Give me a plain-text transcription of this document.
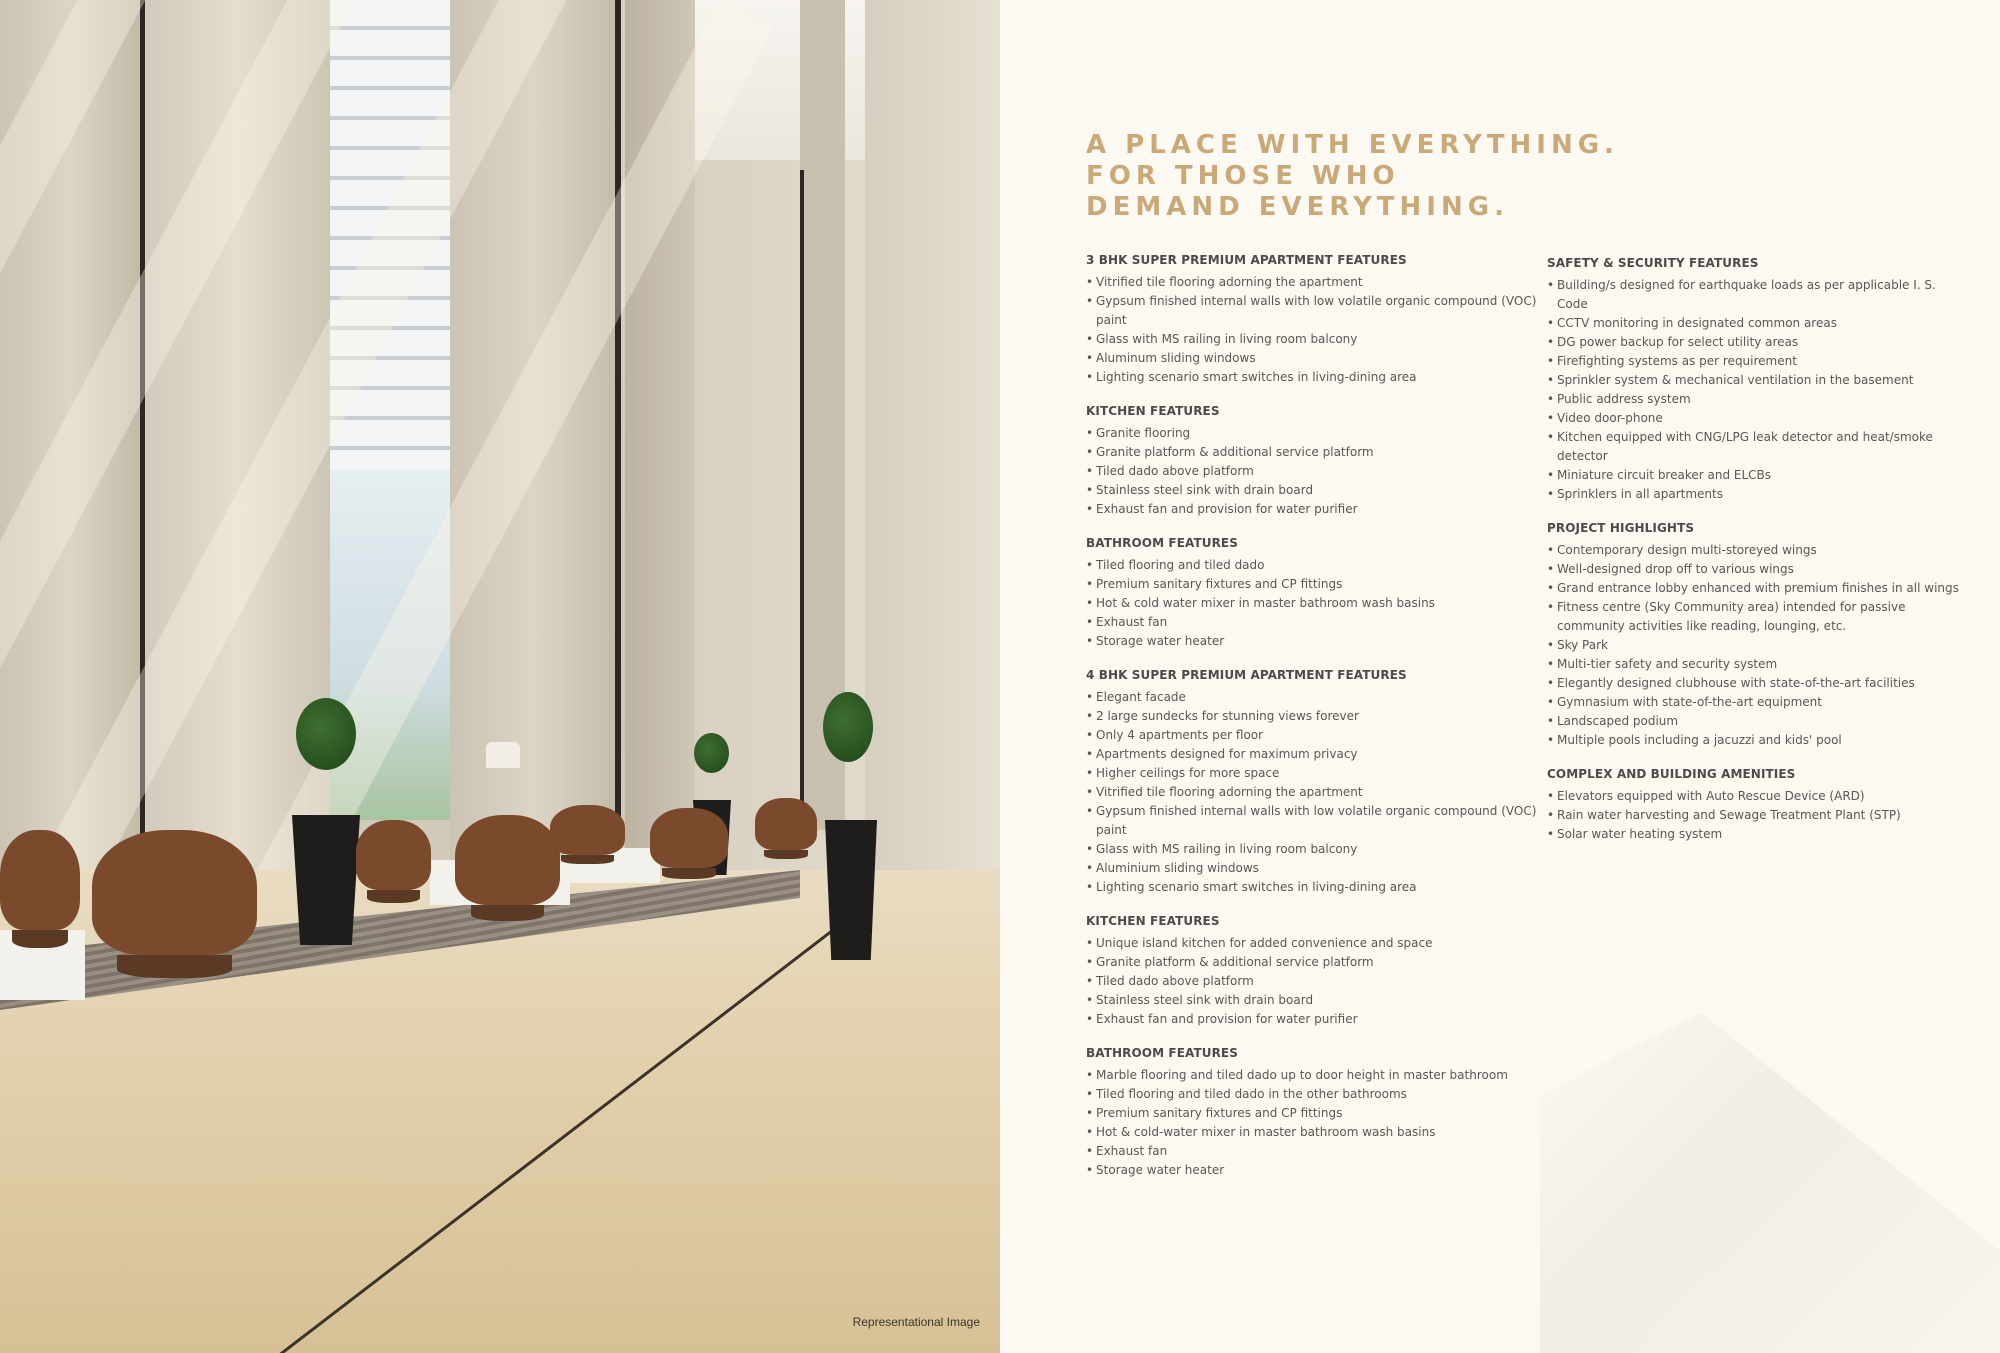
Representational Image
A PLACE WITH EVERYTHING.
FOR THOSE WHO
DEMAND EVERYTHING.
3 BHK SUPER PREMIUM APARTMENT FEATURES
• Vitrified tile flooring adorning the apartment
• Gypsum finished internal walls with low volatile organic compound (VOC) paint
• Glass with MS railing in living room balcony
• Aluminum sliding windows
• Lighting scenario smart switches in living-dining area
KITCHEN FEATURES
• Granite flooring
• Granite platform & additional service platform
• Tiled dado above platform
• Stainless steel sink with drain board
• Exhaust fan and provision for water purifier
BATHROOM FEATURES
• Tiled flooring and tiled dado
• Premium sanitary fixtures and CP fittings
• Hot & cold water mixer in master bathroom wash basins
• Exhaust fan
• Storage water heater
4 BHK SUPER PREMIUM APARTMENT FEATURES
• Elegant facade
• 2 large sundecks for stunning views forever
• Only 4 apartments per floor
• Apartments designed for maximum privacy
• Higher ceilings for more space
• Vitrified tile flooring adorning the apartment
• Gypsum finished internal walls with low volatile organic compound (VOC) paint
• Glass with MS railing in living room balcony
• Aluminium sliding windows
• Lighting scenario smart switches in living-dining area
KITCHEN FEATURES
• Unique island kitchen for added convenience and space
• Granite platform & additional service platform
• Tiled dado above platform
• Stainless steel sink with drain board
• Exhaust fan and provision for water purifier
BATHROOM FEATURES
• Marble flooring and tiled dado up to door height in master bathroom
• Tiled flooring and tiled dado in the other bathrooms
• Premium sanitary fixtures and CP fittings
• Hot & cold-water mixer in master bathroom wash basins
• Exhaust fan
• Storage water heater
SAFETY & SECURITY FEATURES
• Building/s designed for earthquake loads as per applicable I. S. Code
• CCTV monitoring in designated common areas
• DG power backup for select utility areas
• Firefighting systems as per requirement
• Sprinkler system & mechanical ventilation in the basement
• Public address system
• Video door-phone
• Kitchen equipped with CNG/LPG leak detector and heat/smoke detector
• Miniature circuit breaker and ELCBs
• Sprinklers in all apartments
PROJECT HIGHLIGHTS
• Contemporary design multi-storeyed wings
• Well-designed drop off to various wings
• Grand entrance lobby enhanced with premium finishes in all wings
• Fitness centre (Sky Community area) intended for passive community activities like reading, lounging, etc.
• Sky Park
• Multi-tier safety and security system
• Elegantly designed clubhouse with state-of-the-art facilities
• Gymnasium with state-of-the-art equipment
• Landscaped podium
• Multiple pools including a jacuzzi and kids' pool
COMPLEX AND BUILDING AMENITIES
• Elevators equipped with Auto Rescue Device (ARD)
• Rain water harvesting and Sewage Treatment Plant (STP)
• Solar water heating system
